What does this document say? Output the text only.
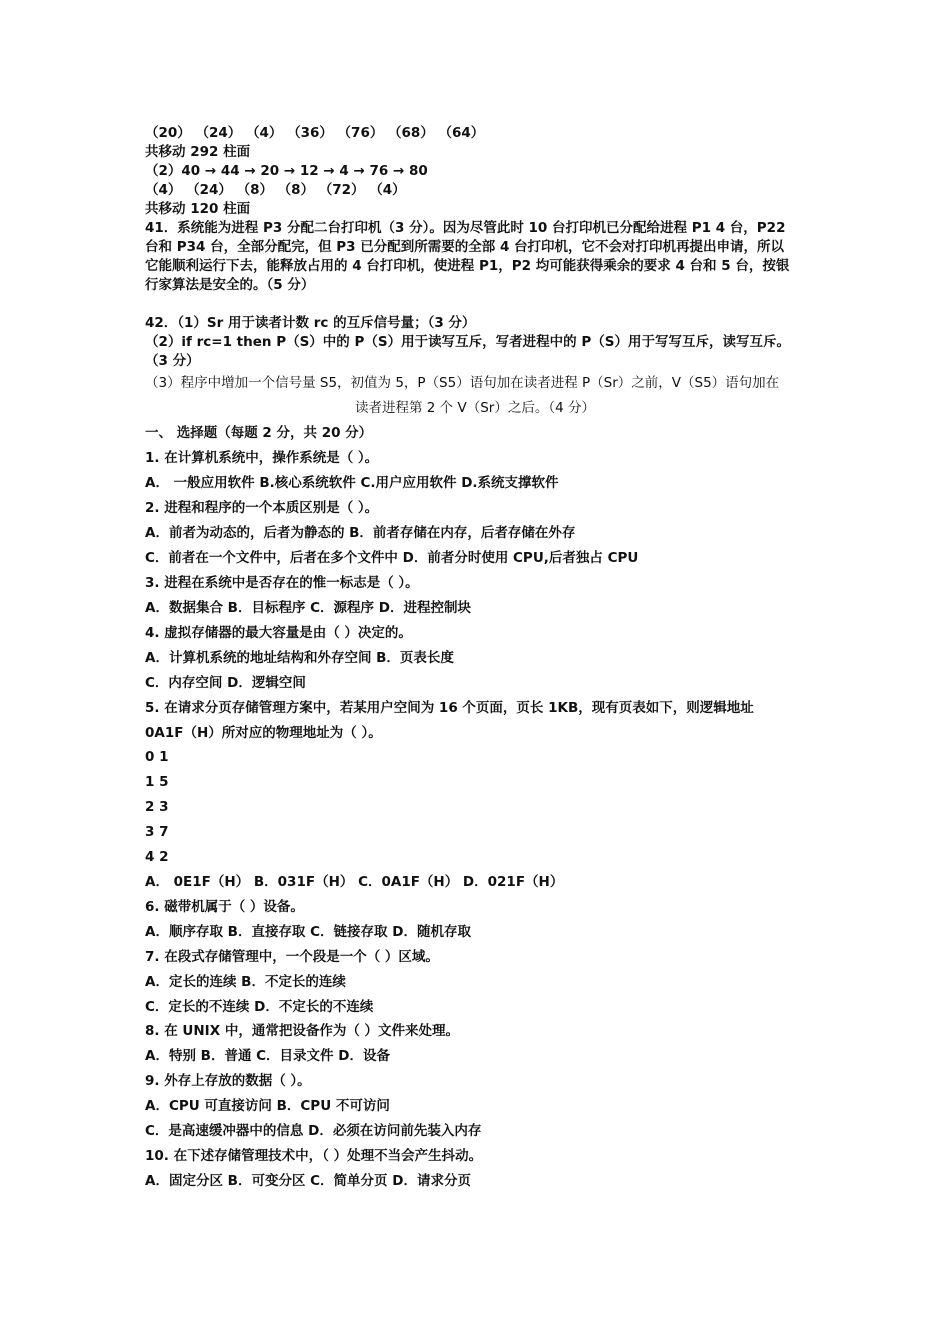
（20） （24） （4） （36） （76） （68） （64）
共移动 292 柱面
（2）40 → 44 → 20 → 12 → 4 → 76 → 80
（4） （24） （8） （8） （72） （4）
共移动 120 柱面
41．系统能为进程 P3 分配二台打印机（3 分）。因为尽管此时 10 台打印机已分配给进程 P1 4 台，P22
台和 P34 台，全部分配完，但 P3 已分配到所需要的全部 4 台打印机，它不会对打印机再提出申请，所以
它能顺利运行下去，能释放占用的 4 台打印机，使进程 P1，P2 均可能获得乘余的要求 4 台和 5 台，按银
行家算法是安全的。（5 分）
42．（1）Sr 用于读者计数 rc 的互斥信号量；（3 分）
（2）if rc=1 then P（S）中的 P（S）用于读写互斥，写者进程中的 P（S）用于写写互斥，读写互斥。
（3 分）
（3）程序中增加一个信号量 S5，初值为 5，P（S5）语句加在读者进程 P（Sr）之前，V（S5）语句加在
读者进程第 2 个 V（Sr）之后。（4 分）
一、 选择题（每题 2 分，共 20 分）
1. 在计算机系统中，操作系统是（ ）。
A． 一般应用软件 B.核心系统软件 C.用户应用软件 D.系统支撑软件
2. 进程和程序的一个本质区别是（ ）。
A．前者为动态的，后者为静态的 B．前者存储在内存，后者存储在外存
C．前者在一个文件中，后者在多个文件中 D．前者分时使用 CPU,后者独占 CPU
3. 进程在系统中是否存在的惟一标志是（ ）。
A．数据集合 B．目标程序 C．源程序 D．进程控制块
4. 虚拟存储器的最大容量是由（ ）决定的。
A．计算机系统的地址结构和外存空间 B．页表长度
C．内存空间 D．逻辑空间
5. 在请求分页存储管理方案中，若某用户空间为 16 个页面，页长 1KB，现有页表如下，则逻辑地址
0A1F（H）所对应的物理地址为（ ）。
0 1
1 5
2 3
3 7
4 2
A． 0E1F（H） B．031F（H） C．0A1F（H） D．021F（H）
6. 磁带机属于（ ）设备。
A．顺序存取 B．直接存取 C．链接存取 D．随机存取
7. 在段式存储管理中，一个段是一个（ ）区域。
A．定长的连续 B．不定长的连续
C．定长的不连续 D．不定长的不连续
8. 在 UNIX 中，通常把设备作为（ ）文件来处理。
A．特别 B．普通 C．目录文件 D．设备
9. 外存上存放的数据（ ）。
A．CPU 可直接访问 B．CPU 不可访问
C．是高速缓冲器中的信息 D．必须在访问前先装入内存
10. 在下述存储管理技术中，（ ）处理不当会产生抖动。
A．固定分区 B．可变分区 C．简单分页 D．请求分页
